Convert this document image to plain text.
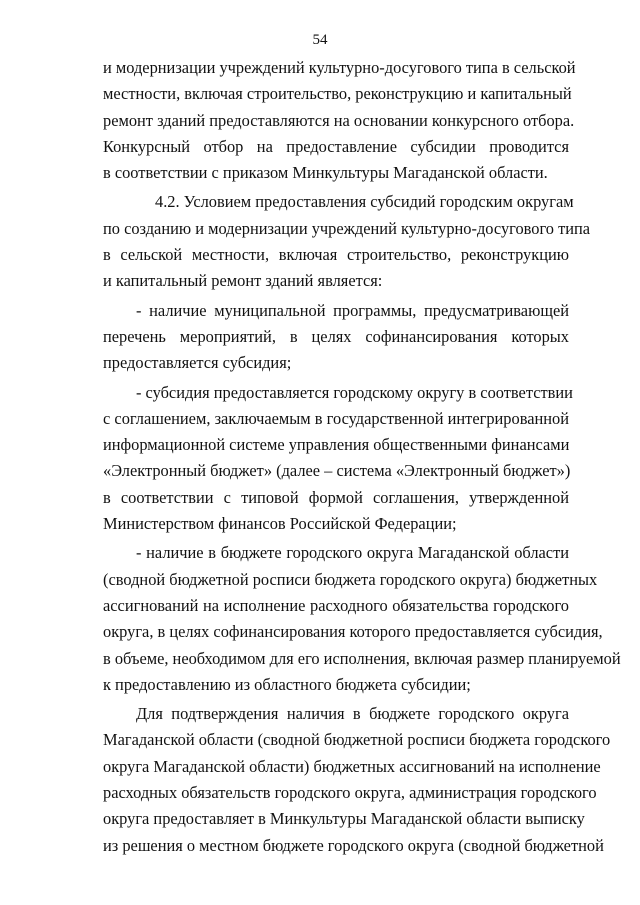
54
и модернизации учреждений культурно-досугового типа в сельской
местности, включая строительство, реконструкцию и капитальный
ремонт зданий предоставляются на основании конкурсного отбора.
Конкурсный отбор на предоставление субсидии проводится
в соответствии с приказом Минкультуры Магаданской области.
4.2. Условием предоставления субсидий городским округам
по созданию и модернизации учреждений культурно-досугового типа
в сельской местности, включая строительство, реконструкцию
и капитальный ремонт зданий является:
- наличие муниципальной программы, предусматривающей
перечень мероприятий, в целях софинансирования которых
предоставляется субсидия;
- субсидия предоставляется городскому округу в соответствии
с соглашением, заключаемым в государственной интегрированной
информационной системе управления общественными финансами
«Электронный бюджет» (далее – система «Электронный бюджет»)
в соответствии с типовой формой соглашения, утвержденной
Министерством финансов Российской Федерации;
- наличие в бюджете городского округа Магаданской области
(сводной бюджетной росписи бюджета городского округа) бюджетных
ассигнований на исполнение расходного обязательства городского
округа, в целях софинансирования которого предоставляется субсидия,
в объеме, необходимом для его исполнения, включая размер планируемой
к предоставлению из областного бюджета субсидии;
Для подтверждения наличия в бюджете городского округа
Магаданской области (сводной бюджетной росписи бюджета городского
округа Магаданской области) бюджетных ассигнований на исполнение
расходных обязательств городского округа, администрация городского
округа предоставляет в Минкультуры Магаданской области выписку
из решения о местном бюджете городского округа (сводной бюджетной
